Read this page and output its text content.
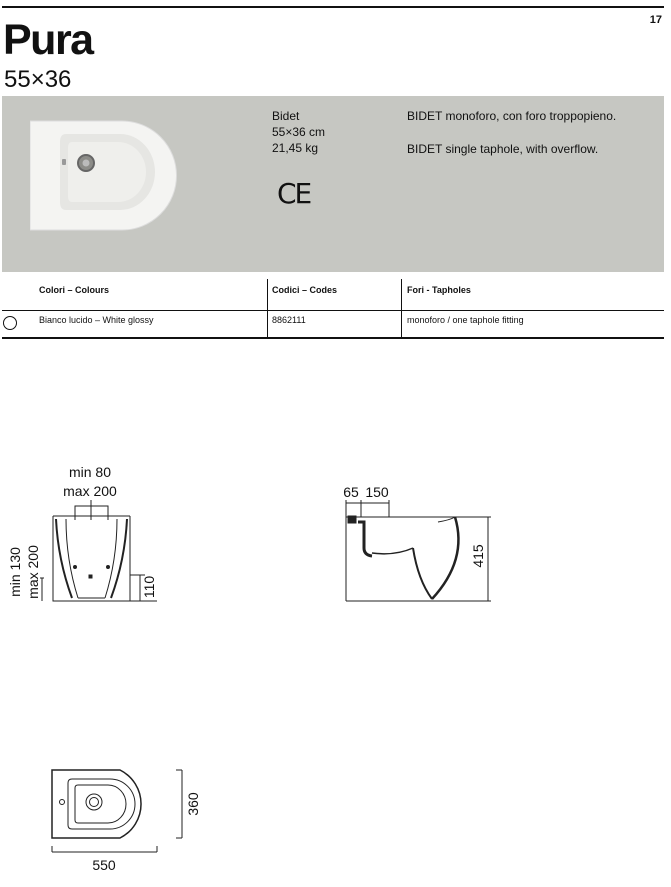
Pura
55×36
17
Bidet
55×36 cm
21,45 kg
CE
BIDET monoforo, con foro troppopieno.
BIDET single taphole, with overflow.
Colori – Colours	Codici – Codes	Fori - Tapholes
Bianco lucido – White glossy	8862111	monoforo / one taphole fitting
min 80
max 200
min 130 max 200	110
65 150
415
360
550
